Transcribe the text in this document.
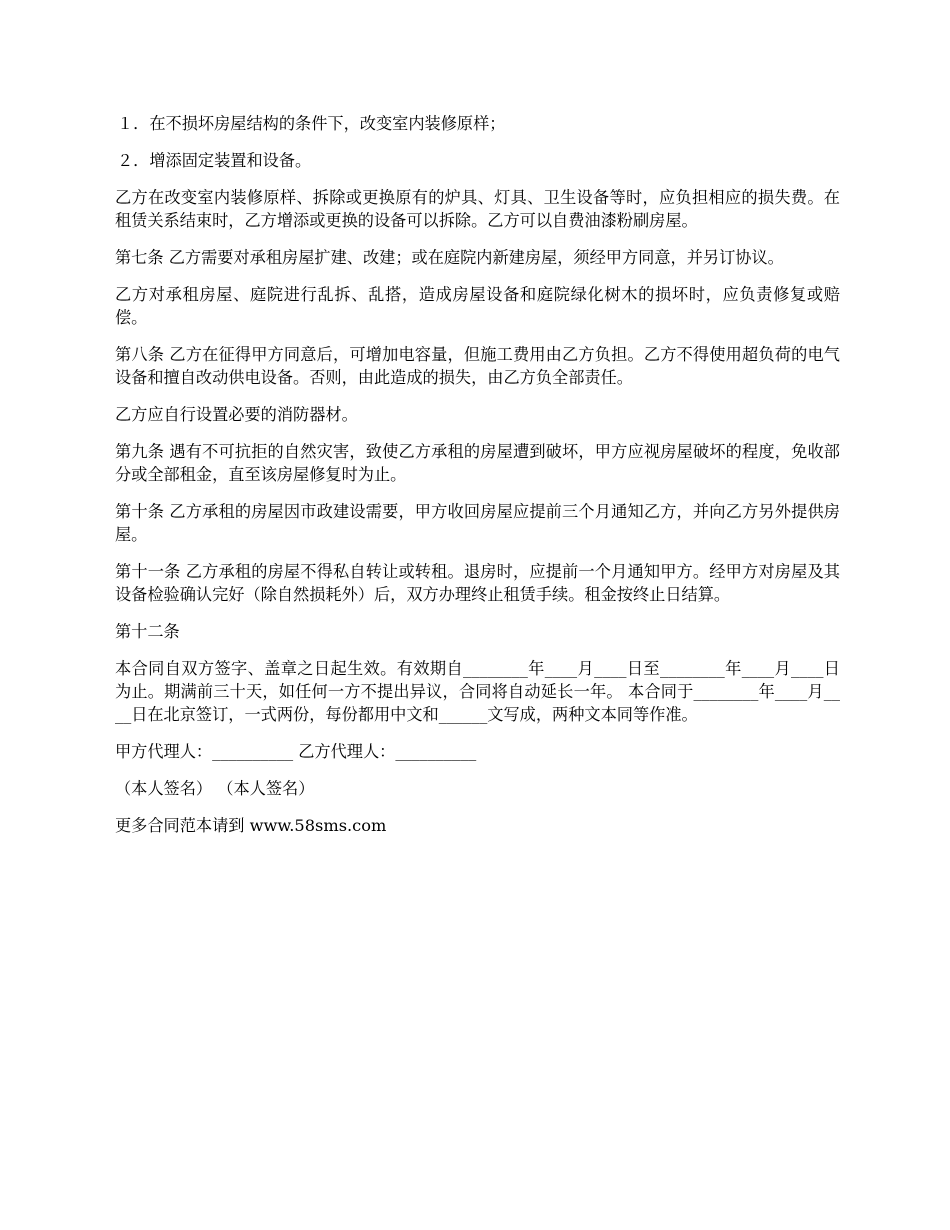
１．在不损坏房屋结构的条件下，改变室内装修原样；

２．增添固定装置和设备。

乙方在改变室内装修原样、拆除或更换原有的炉具、灯具、卫生设备等时，应负担相应的损失费。在租赁关系结束时，乙方增添或更换的设备可以拆除。乙方可以自费油漆粉刷房屋。

第七条 乙方需要对承租房屋扩建、改建；或在庭院内新建房屋，须经甲方同意，并另订协议。

乙方对承租房屋、庭院进行乱拆、乱搭，造成房屋设备和庭院绿化树木的损坏时，应负责修复或赔偿。

第八条 乙方在征得甲方同意后，可增加电容量，但施工费用由乙方负担。乙方不得使用超负荷的电气设备和擅自改动供电设备。否则，由此造成的损失，由乙方负全部责任。

乙方应自行设置必要的消防器材。

第九条 遇有不可抗拒的自然灾害，致使乙方承租的房屋遭到破坏，甲方应视房屋破坏的程度，免收部分或全部租金，直至该房屋修复时为止。

第十条 乙方承租的房屋因市政建设需要，甲方收回房屋应提前三个月通知乙方，并向乙方另外提供房屋。

第十一条 乙方承租的房屋不得私自转让或转租。退房时，应提前一个月通知甲方。经甲方对房屋及其设备检验确认完好（除自然损耗外）后，双方办理终止租赁手续。租金按终止日结算。

第十二条

本合同自双方签字、盖章之日起生效。有效期自________年____月____日至________年____月____日为止。期满前三十天，如任何一方不提出异议，合同将自动延长一年。 本合同于________年____月____日在北京签订，一式两份，每份都用中文和______文写成，两种文本同等作准。

甲方代理人：__________ 乙方代理人：__________

（本人签名） （本人签名）

更多合同范本请到 www.58sms.com
